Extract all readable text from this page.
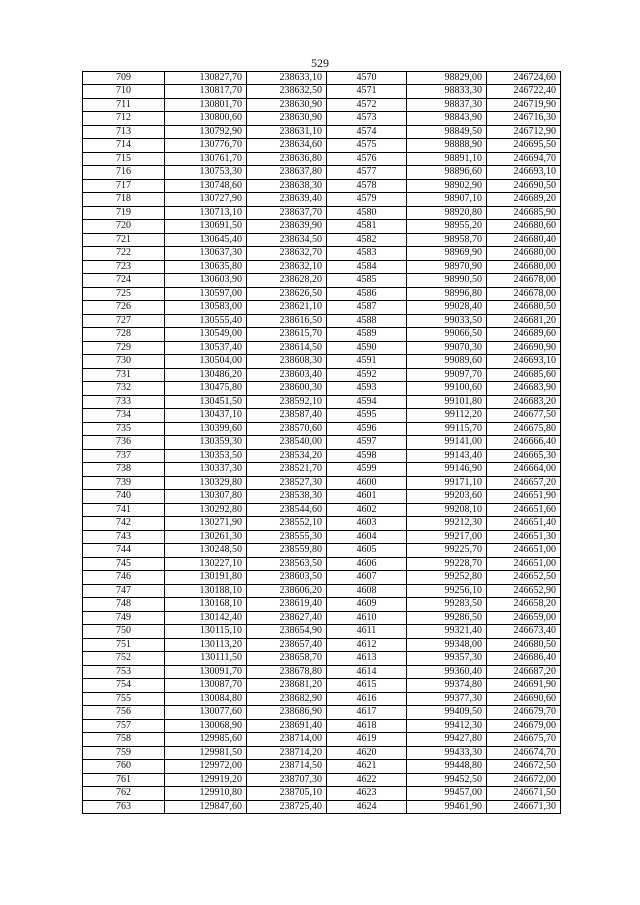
529
709	130827,70	238633,10	4570	98829,00	246724,60
710	130817,70	238632,50	4571	98833,30	246722,40
711	130801,70	238630,90	4572	98837,30	246719,90
712	130800,60	238630,90	4573	98843,90	246716,30
713	130792,90	238631,10	4574	98849,50	246712,90
714	130776,70	238634,60	4575	98888,90	246695,50
715	130761,70	238636,80	4576	98891,10	246694,70
716	130753,30	238637,80	4577	98896,60	246693,10
717	130748,60	238638,30	4578	98902,90	246690,50
718	130727,90	238639,40	4579	98907,10	246689,20
719	130713,10	238637,70	4580	98920,80	246685,90
720	130691,50	238639,90	4581	98955,20	246680,60
721	130645,40	238634,50	4582	98958,70	246680,40
722	130637,30	238632,70	4583	98969,90	246680,00
723	130635,80	238632,10	4584	98970,90	246680,00
724	130603,90	238628,20	4585	98990,50	246678,00
725	130597,00	238626,50	4586	98996,80	246678,00
726	130583,00	238621,10	4587	99028,40	246680,50
727	130555,40	238616,50	4588	99033,50	246681,20
728	130549,00	238615,70	4589	99066,50	246689,60
729	130537,40	238614,50	4590	99070,30	246690,90
730	130504,00	238608,30	4591	99089,60	246693,10
731	130486,20	238603,40	4592	99097,70	246685,60
732	130475,80	238600,30	4593	99100,60	246683,90
733	130451,50	238592,10	4594	99101,80	246683,20
734	130437,10	238587,40	4595	99112,20	246677,50
735	130399,60	238570,60	4596	99115,70	246675,80
736	130359,30	238540,00	4597	99141,00	246666,40
737	130353,50	238534,20	4598	99143,40	246665,30
738	130337,30	238521,70	4599	99146,90	246664,00
739	130329,80	238527,30	4600	99171,10	246657,20
740	130307,80	238538,30	4601	99203,60	246651,90
741	130292,80	238544,60	4602	99208,10	246651,60
742	130271,90	238552,10	4603	99212,30	246651,40
743	130261,30	238555,30	4604	99217,00	246651,30
744	130248,50	238559,80	4605	99225,70	246651,00
745	130227,10	238563,50	4606	99228,70	246651,00
746	130191,80	238603,50	4607	99252,80	246652,50
747	130188,10	238606,20	4608	99256,10	246652,90
748	130168,10	238619,40	4609	99283,50	246658,20
749	130142,40	238627,40	4610	99286,50	246659,00
750	130115,10	238654,90	4611	99321,40	246673,40
751	130113,20	238657,40	4612	99348,00	246680,50
752	130111,50	238658,70	4613	99357,30	246686,40
753	130091,70	238678,80	4614	99360,40	246687,20
754	130087,70	238681,20	4615	99374,80	246691,90
755	130084,80	238682,90	4616	99377,30	246690,60
756	130077,60	238686,90	4617	99409,50	246679,70
757	130068,90	238691,40	4618	99412,30	246679,00
758	129985,60	238714,00	4619	99427,80	246675,70
759	129981,50	238714,20	4620	99433,30	246674,70
760	129972,00	238714,50	4621	99448,80	246672,50
761	129919,20	238707,30	4622	99452,50	246672,00
762	129910,80	238705,10	4623	99457,00	246671,50
763	129847,60	238725,40	4624	99461,90	246671,30
